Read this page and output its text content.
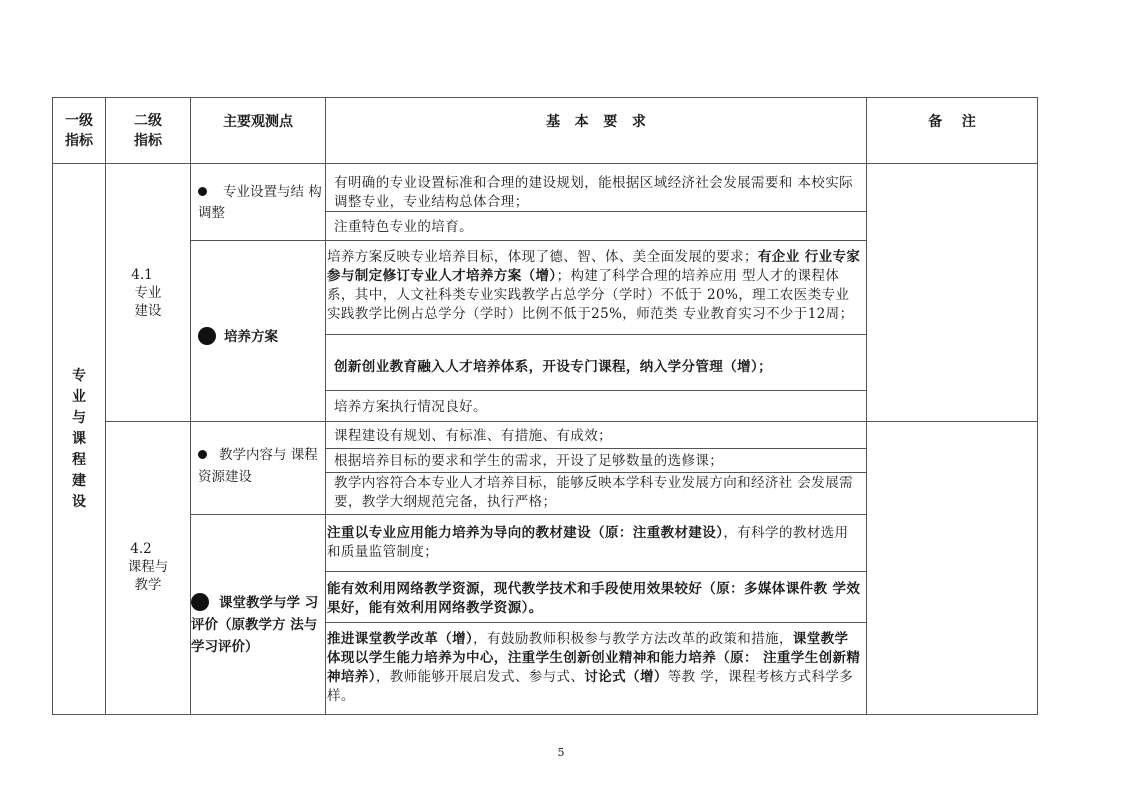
一级指标
二级指标
主要观测点	基   本   要   求	备    注
专业与课程建设
4.1
专业建设
4.2
课程与教学
专业设置与结 构调整
培养方案
教学内容与 课程资源建设
课堂教学与学 习评价（原教学方 法与学习评价）
有明确的专业设置标准和合理的建设规划，能根据区域经济社会发展需要和 本校实际调整专业，专业结构总体合理；
注重特色专业的培育。
培养方案反映专业培养目标，体现了德、智、体、美全面发展的要求；有企业 行业专家参与制定修订专业人才培养方案（增）；构建了科学合理的培养应用 型人才的课程体系，其中，人文社科类专业实践教学占总学分（学时）不低于 20%，理工农医类专业实践教学比例占总学分（学时）比例不低于25%，师范类 专业教育实习不少于12周；
创新创业教育融入人才培养体系，开设专门课程，纳入学分管理（增）；
培养方案执行情况良好。
课程建设有规划、有标准、有措施、有成效；
根据培养目标的要求和学生的需求，开设了足够数量的选修课；
教学内容符合本专业人才培养目标，能够反映本学科专业发展方向和经济社 会发展需要，教学大纲规范完备，执行严格；
注重以专业应用能力培养为导向的教材建设（原：注重教材建设），有科学的教材选用和质量监管制度；
能有效利用网络教学资源，现代教学技术和手段使用效果较好（原：多媒体课件教 学效果好，能有效利用网络教学资源）。
推进课堂教学改革（增），有鼓励教师积极参与教学方法改革的政策和措施，课堂教学体现以学生能力培养为中心，注重学生创新创业精神和能力培养（原： 注重学生创新精神培养），教师能够开展启发式、参与式、讨论式（增）等教 学，课程考核方式科学多样。
5
